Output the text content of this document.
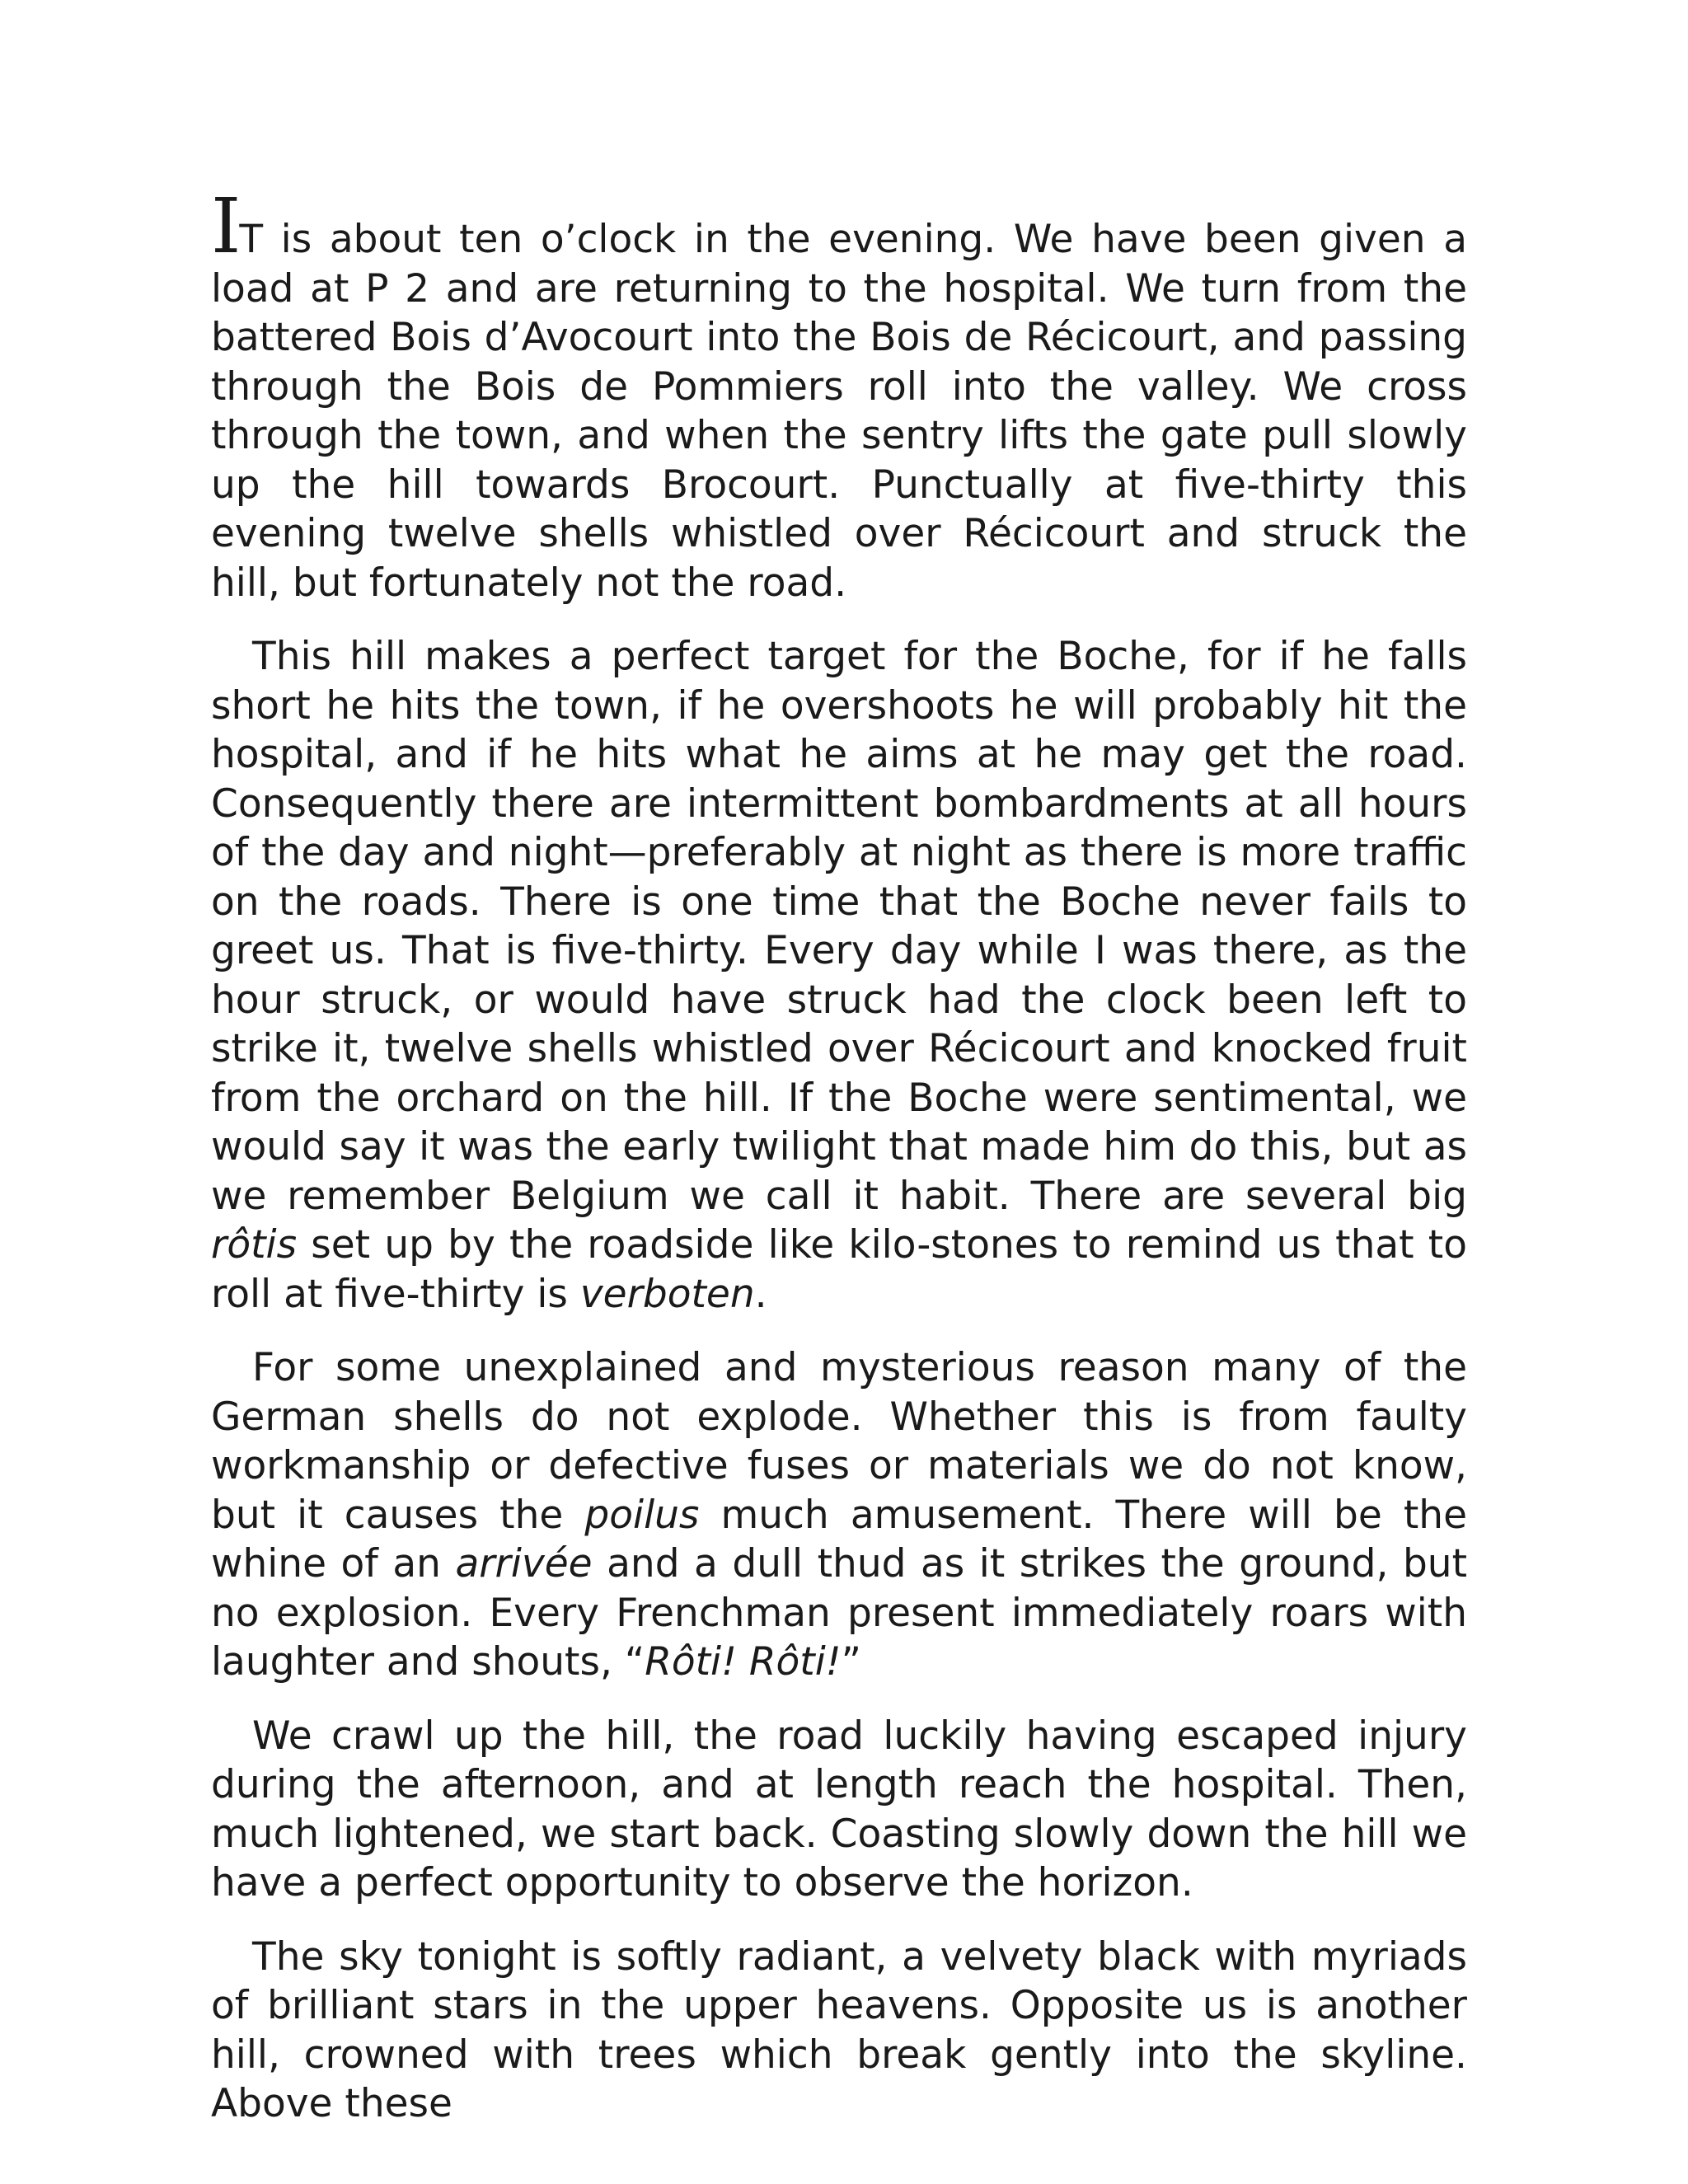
IT is about ten o’clock in the evening. We have been given a load at P 2 and are returning to the hospital. We turn from the battered Bois d’Avocourt into the Bois de Récicourt, and passing through the Bois de Pommiers roll into the valley. We cross through the town, and when the sentry lifts the gate pull slowly up the hill towards Brocourt. Punctually at five-thirty this evening twelve shells whistled over Récicourt and struck the hill, but fortunately not the road.

This hill makes a perfect target for the Boche, for if he falls short he hits the town, if he overshoots he will probably hit the hospital, and if he hits what he aims at he may get the road. Consequently there are intermittent bombardments at all hours of the day and night—preferably at night as there is more traffic on the roads. There is one time that the Boche never fails to greet us. That is five-thirty. Every day while I was there, as the hour struck, or would have struck had the clock been left to strike it, twelve shells whistled over Récicourt and knocked fruit from the orchard on the hill. If the Boche were sentimental, we would say it was the early twilight that made him do this, but as we remember Belgium we call it habit. There are several big rôtis set up by the roadside like kilo-stones to remind us that to roll at five-thirty is verboten.

For some unexplained and mysterious reason many of the German shells do not explode. Whether this is from faulty workmanship or defective fuses or materials we do not know, but it causes the poilus much amusement. There will be the whine of an arrivée and a dull thud as it strikes the ground, but no explosion. Every Frenchman present immediately roars with laughter and shouts, “Rôti! Rôti!”

We crawl up the hill, the road luckily having escaped injury during the afternoon, and at length reach the hospital. Then, much lightened, we start back. Coasting slowly down the hill we have a perfect opportunity to observe the horizon.

The sky tonight is softly radiant, a velvety black with myriads of brilliant stars in the upper heavens. Opposite us is another hill, crowned with trees which break gently into the skyline. Above these
